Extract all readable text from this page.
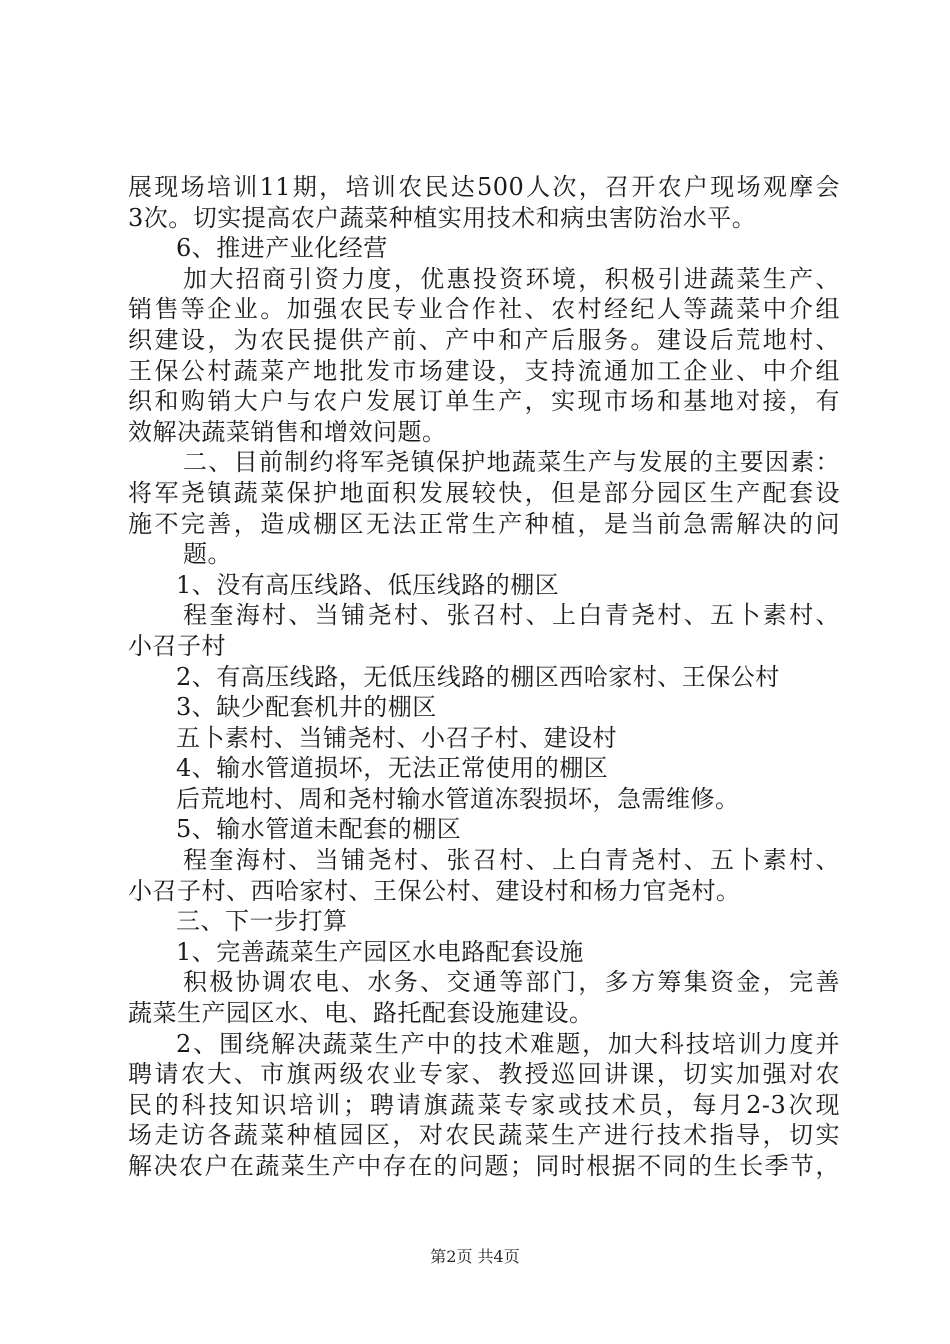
展现场培训11期，培训农民达500人次，召开农户现场观摩会
3次。切实提高农户蔬菜种植实用技术和病虫害防治水平。
6、推进产业化经营
加大招商引资力度，优惠投资环境，积极引进蔬菜生产、
销售等企业。加强农民专业合作社、农村经纪人等蔬菜中介组
织建设，为农民提供产前、产中和产后服务。建设后荒地村、
王保公村蔬菜产地批发市场建设，支持流通加工企业、中介组
织和购销大户与农户发展订单生产，实现市场和基地对接，有
效解决蔬菜销售和增效问题。
二、目前制约将军尧镇保护地蔬菜生产与发展的主要因素：
将军尧镇蔬菜保护地面积发展较快，但是部分园区生产配套设
施不完善，造成棚区无法正常生产种植，是当前急需解决的问
题。
1、没有高压线路、低压线路的棚区
程奎海村、当铺尧村、张召村、上白青尧村、五卜素村、
小召子村
2、有高压线路，无低压线路的棚区西哈家村、王保公村
3、缺少配套机井的棚区
五卜素村、当铺尧村、小召子村、建设村
4、输水管道损坏，无法正常使用的棚区
后荒地村、周和尧村输水管道冻裂损坏，急需维修。
5、输水管道未配套的棚区
程奎海村、当铺尧村、张召村、上白青尧村、五卜素村、
小召子村、西哈家村、王保公村、建设村和杨力官尧村。
三、下一步打算
1、完善蔬菜生产园区水电路配套设施
积极协调农电、水务、交通等部门，多方筹集资金，完善
蔬菜生产园区水、电、路托配套设施建设。
2、围绕解决蔬菜生产中的技术难题，加大科技培训力度并
聘请农大、市旗两级农业专家、教授巡回讲课，切实加强对农
民的科技知识培训；聘请旗蔬菜专家或技术员，每月2-3次现
场走访各蔬菜种植园区，对农民蔬菜生产进行技术指导，切实
解决农户在蔬菜生产中存在的问题；同时根据不同的生长季节，
第2页 共4页
